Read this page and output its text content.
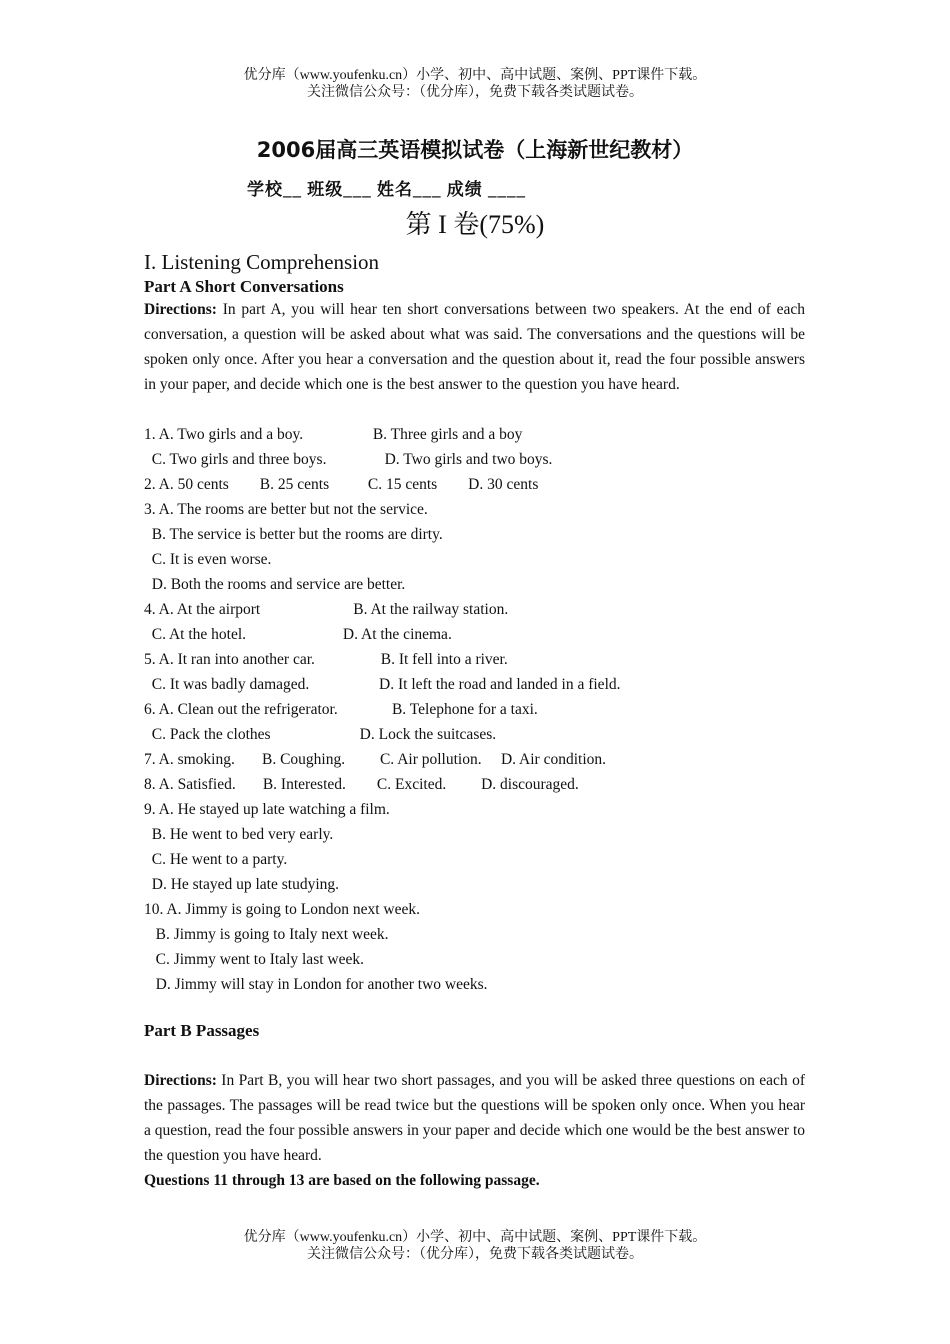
优分库（www.youfenku.cn）小学、初中、高中试题、案例、PPT课件下载。
关注微信公众号：（优分库），免费下载各类试题试卷。
2006届高三英语模拟试卷（上海新世纪教材）
学校__ 班级___ 姓名___ 成绩 ____
第 I 卷(75%)

I. Listening Comprehension

Part A Short Conversations

Directions: In part A, you will hear ten short conversations between two speakers. At the end of each conversation, a question will be asked about what was said. The conversations and the questions will be spoken only once. After you hear a conversation and the question about it, read the four possible answers in your paper, and decide which one is the best answer to the question you have heard.

1. A. Two girls and a boy.                  B. Three girls and a boy

C. Two girls and three boys.               D. Two girls and two boys.

2. A. 50 cents        B. 25 cents          C. 15 cents        D. 30 cents

3. A. The rooms are better but not the service.

B. The service is better but the rooms are dirty.

C. It is even worse.

D. Both the rooms and service are better.

4. A. At the airport                        B. At the railway station.

C. At the hotel.                         D. At the cinema.

5. A. It ran into another car.                 B. It fell into a river.

C. It was badly damaged.                  D. It left the road and landed in a field.

6. A. Clean out the refrigerator.              B. Telephone for a taxi.

C. Pack the clothes                       D. Lock the suitcases.

7. A. smoking.       B. Coughing.         C. Air pollution.     D. Air condition.

8. A. Satisfied.       B. Interested.        C. Excited.         D. discouraged.

9. A. He stayed up late watching a film.

B. He went to bed very early.

C. He went to a party.

D. He stayed up late studying.

10. A. Jimmy is going to London next week.

B. Jimmy is going to Italy next week.

C. Jimmy went to Italy last week.

D. Jimmy will stay in London for another two weeks.

Part B Passages

Directions: In Part B, you will hear two short passages, and you will be asked three questions on each of the passages. The passages will be read twice but the questions will be spoken only once. When you hear a question, read the four possible answers in your paper and decide which one would be the best answer to the question you have heard.

Questions 11 through 13 are based on the following passage.

优分库（www.youfenku.cn）小学、初中、高中试题、案例、PPT课件下载。
关注微信公众号：（优分库），免费下载各类试题试卷。
